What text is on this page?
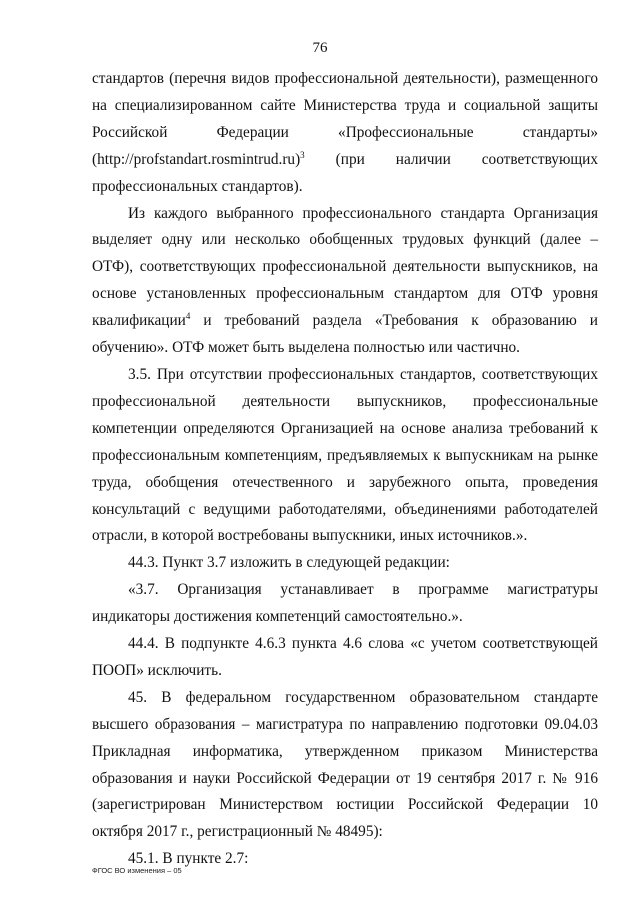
76

стандартов (перечня видов профессиональной деятельности), размещенного на специализированном сайте Министерства труда и социальной защиты Российской Федерации «Профессиональные стандарты» (http://profstandart.rosmintrud.ru)$^3$ (при наличии соответствующих профессиональных стандартов).

Из каждого выбранного профессионального стандарта Организация выделяет одну или несколько обобщенных трудовых функций (далее – ОТФ), соответствующих профессиональной деятельности выпускников, на основе установленных профессиональным стандартом для ОТФ уровня квалификации$^4$ и требований раздела «Требования к образованию и обучению». ОТФ может быть выделена полностью или частично.

3.5. При отсутствии профессиональных стандартов, соответствующих профессиональной деятельности выпускников, профессиональные компетенции определяются Организацией на основе анализа требований к профессиональным компетенциям, предъявляемых к выпускникам на рынке труда, обобщения отечественного и зарубежного опыта, проведения консультаций с ведущими работодателями, объединениями работодателей отрасли, в которой востребованы выпускники, иных источников.».

44.3. Пункт 3.7 изложить в следующей редакции:

«3.7. Организация устанавливает в программе магистратуры индикаторы достижения компетенций самостоятельно.».

44.4. В подпункте 4.6.3 пункта 4.6 слова «с учетом соответствующей ПООП» исключить.

45. В федеральном государственном образовательном стандарте высшего образования – магистратура по направлению подготовки 09.04.03 Прикладная информатика, утвержденном приказом Министерства образования и науки Российской Федерации от 19 сентября 2017 г. № 916 (зарегистрирован Министерством юстиции Российской Федерации 10 октября 2017 г., регистрационный № 48495):

45.1. В пункте 2.7:

ФГОС ВО изменения – 05
